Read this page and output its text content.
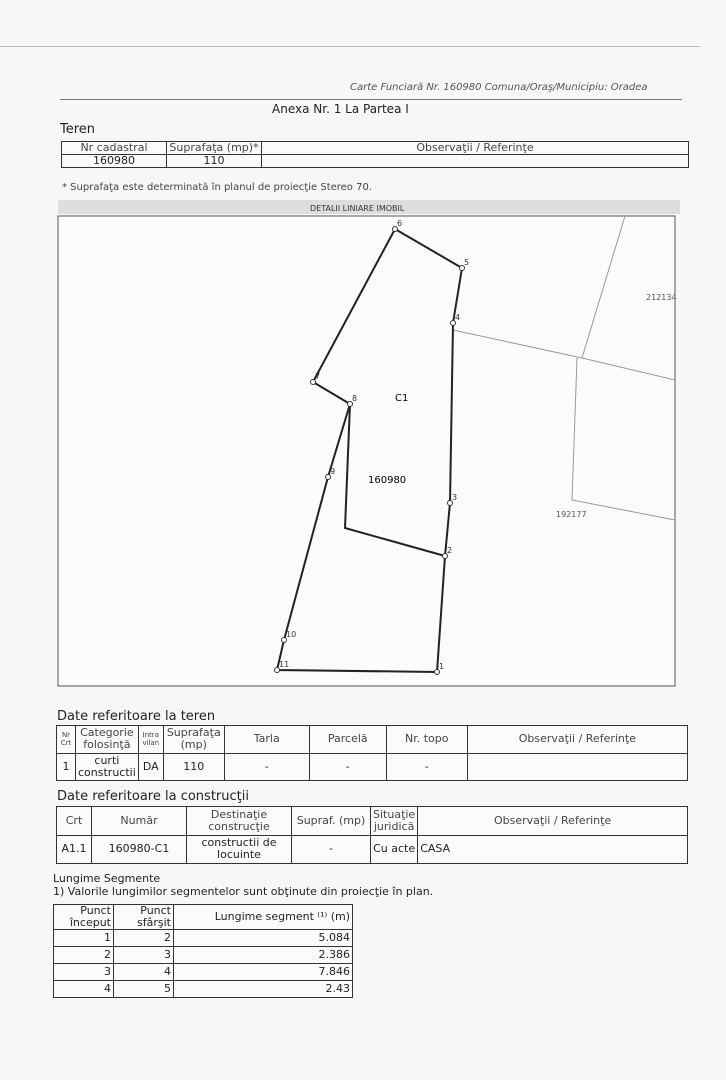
Carte Funciară Nr. 160980 Comuna/Oraş/Municipiu: Oradea
Anexa Nr. 1 La Partea I
Teren
Nr cadastral	Suprafaţa (mp)*	Observaţii / Referinţe
160980	110	
* Suprafaţa este determinată în planul de proiecţie Stereo 70.
DETALII LINIARE IMOBIL
1
2
3
4
5
6
7
8
9
10
11
C1
160980
212134
192177
Date referitoare la teren
Nr Crt	Categorie folosinţă	Intra vilan	Suprafaţa (mp)	Tarla	Parcelă	Nr. topo	Observaţii / Referinţe
1	curti constructii	DA	110	-	-	-	
Date referitoare la construcţii
Crt	Număr	Destinaţie construcţie	Supraf. (mp)	Situaţie juridică	Observaţii / Referinţe
A1.1	160980-C1	constructii de locuinte	-	Cu acte	CASA
Lungime Segmente
1) Valorile lungimilor segmentelor sunt obţinute din proiecţie în plan.
Punct început	Punct sfârşit	Lungime segment ⁽¹⁾ (m)
1	2	5.084
2	3	2.386
3	4	7.846
4	5	2.43
